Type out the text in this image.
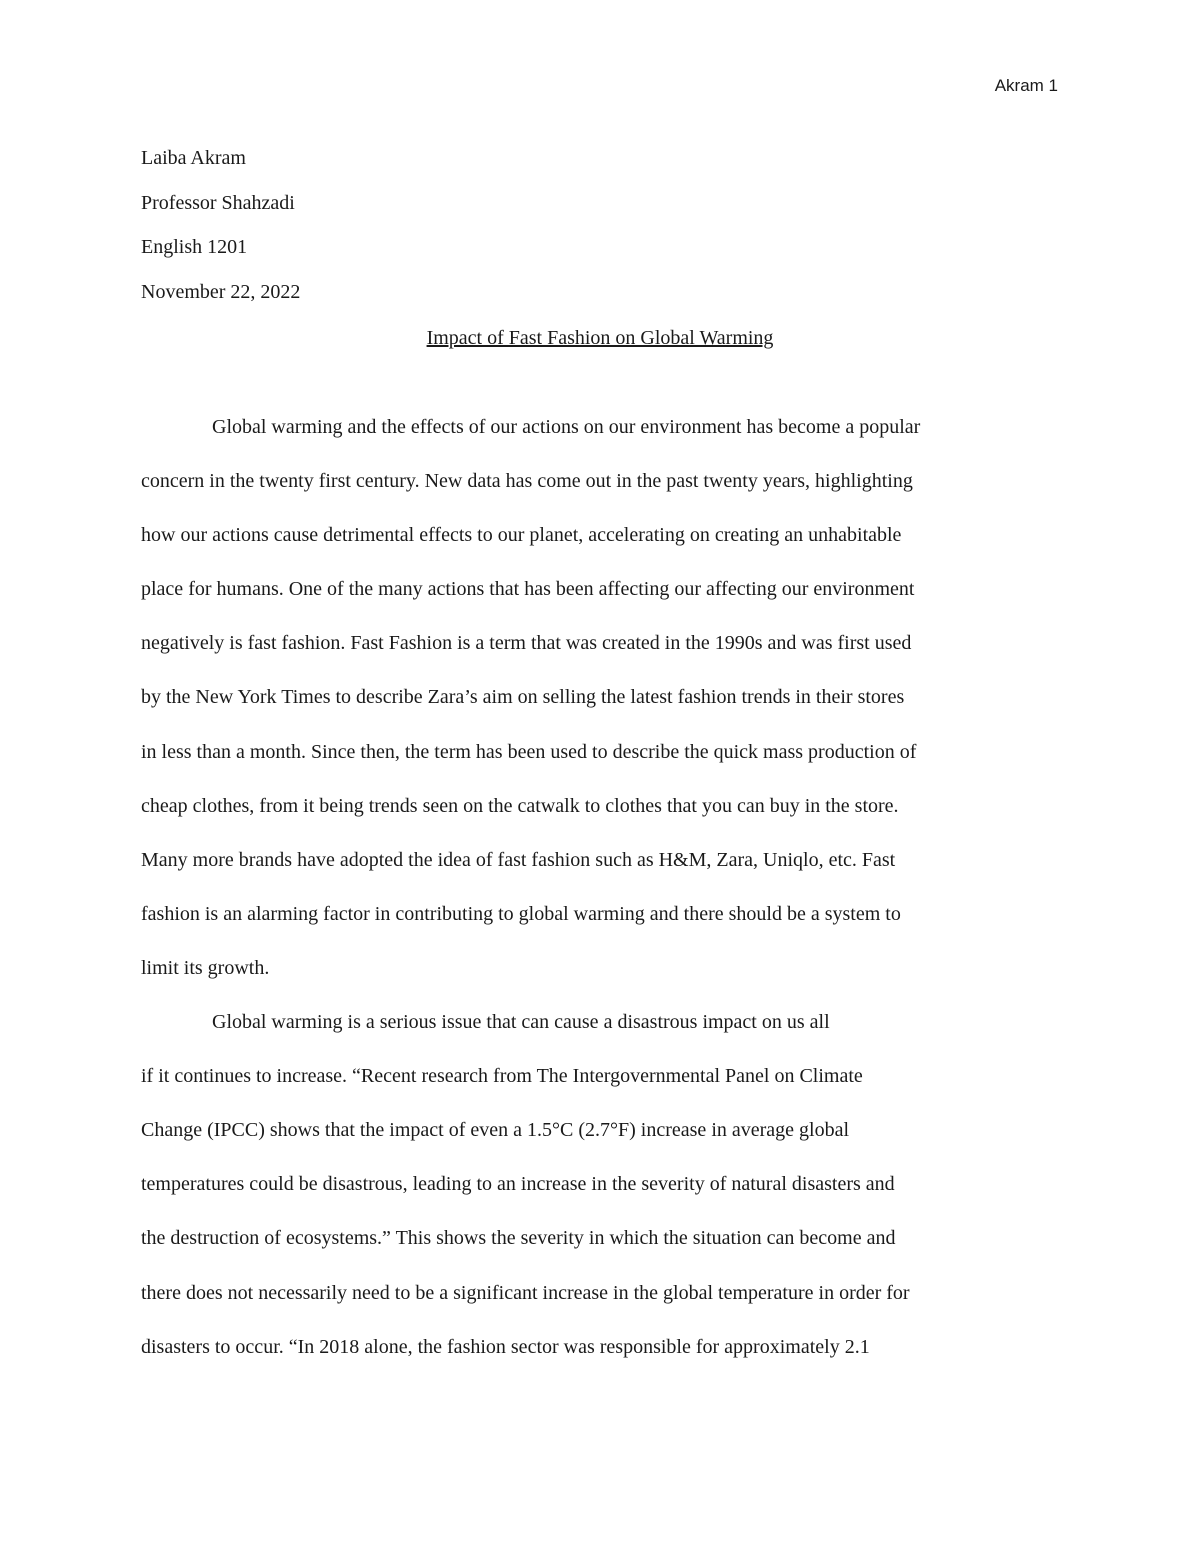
Akram 1
Laiba Akram
Professor Shahzadi
English 1201
November 22, 2022
Impact of Fast Fashion on Global Warming
Global warming and the effects of our actions on our environment has become a popular
concern in the twenty first century. New data has come out in the past twenty years, highlighting
how our actions cause detrimental effects to our planet, accelerating on creating an unhabitable
place for humans. One of the many actions that has been affecting our affecting our environment
negatively is fast fashion. Fast Fashion is a term that was created in the 1990s and was first used
by the New York Times to describe Zara’s aim on selling the latest fashion trends in their stores
in less than a month. Since then, the term has been used to describe the quick mass production of
cheap clothes, from it being trends seen on the catwalk to clothes that you can buy in the store.
Many more brands have adopted the idea of fast fashion such as H&M, Zara, Uniqlo, etc. Fast
fashion is an alarming factor in contributing to global warming and there should be a system to
limit its growth.
Global warming is a serious issue that can cause a disastrous impact on us all
if it continues to increase. “Recent research from The Intergovernmental Panel on Climate
Change (IPCC) shows that the impact of even a 1.5°C (2.7°F) increase in average global
temperatures could be disastrous, leading to an increase in the severity of natural disasters and
the destruction of ecosystems.” This shows the severity in which the situation can become and
there does not necessarily need to be a significant increase in the global temperature in order for
disasters to occur. “In 2018 alone, the fashion sector was responsible for approximately 2.1
